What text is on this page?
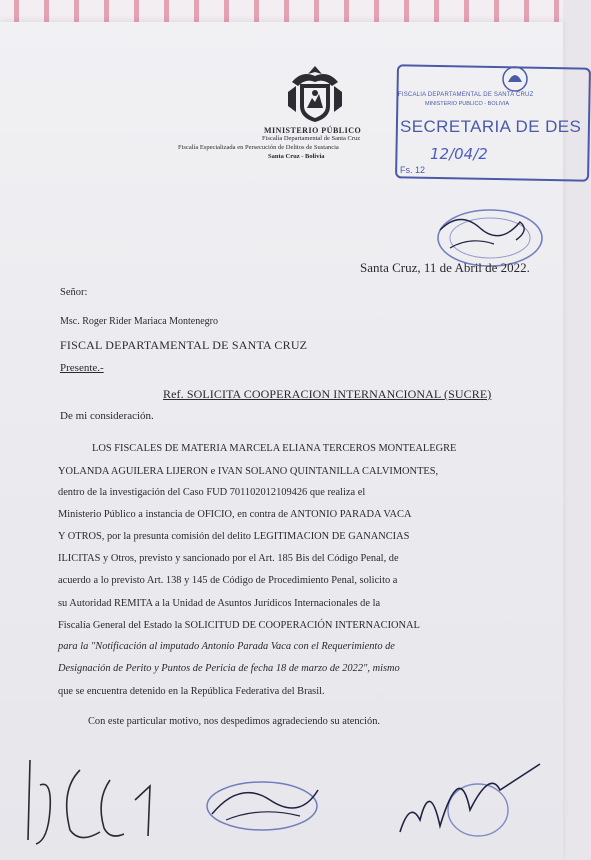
MINISTERIO PÚBLICO
Fiscalía Departamental de Santa Cruz
Fiscalía Especializada en Persecución de Delitos de Sustancia
Santa Cruz - Bolivia
FISCALIA DEPARTAMENTAL DE SANTA CRUZ
MINISTERIO PUBLICO - BOLIVIA
SECRETARIA DE DES
12/04/2
Fs. 12
Santa Cruz, 11 de Abril de 2022.
Señor:
Msc. Roger Rider Mariaca Montenegro
FISCAL DEPARTAMENTAL DE SANTA CRUZ
Presente.-
Ref. SOLICITA COOPERACION INTERNANCIONAL (SUCRE)
De mi consideración.
LOS FISCALES DE MATERIA MARCELA ELIANA TERCEROS MONTEALEGRE
YOLANDA AGUILERA LIJERON e IVAN SOLANO QUINTANILLA CALVIMONTES,
dentro de la investigación del Caso FUD 701102012109426 que realiza el
Ministerio Público a instancia de OFICIO, en contra de ANTONIO PARADA VACA
Y OTROS, por la presunta comisión del delito LEGITIMACION DE GANANCIAS
ILICITAS y Otros, previsto y sancionado por el Art. 185 Bis del Código Penal, de
acuerdo a lo previsto Art. 138 y 145 de Código de Procedimiento Penal, solicito a
su Autoridad REMITA a la Unidad de Asuntos Jurídicos Internacionales de la
Fiscalía General del Estado la SOLICITUD DE COOPERACIÓN INTERNACIONAL
para la "Notificación al imputado Antonio Parada Vaca con el Requerimiento de
Designación de Perito y Puntos de Pericia de fecha 18 de marzo de 2022", mismo
que se encuentra detenido en la República Federativa del Brasil.
Con este particular motivo, nos despedimos agradeciendo su atención.
